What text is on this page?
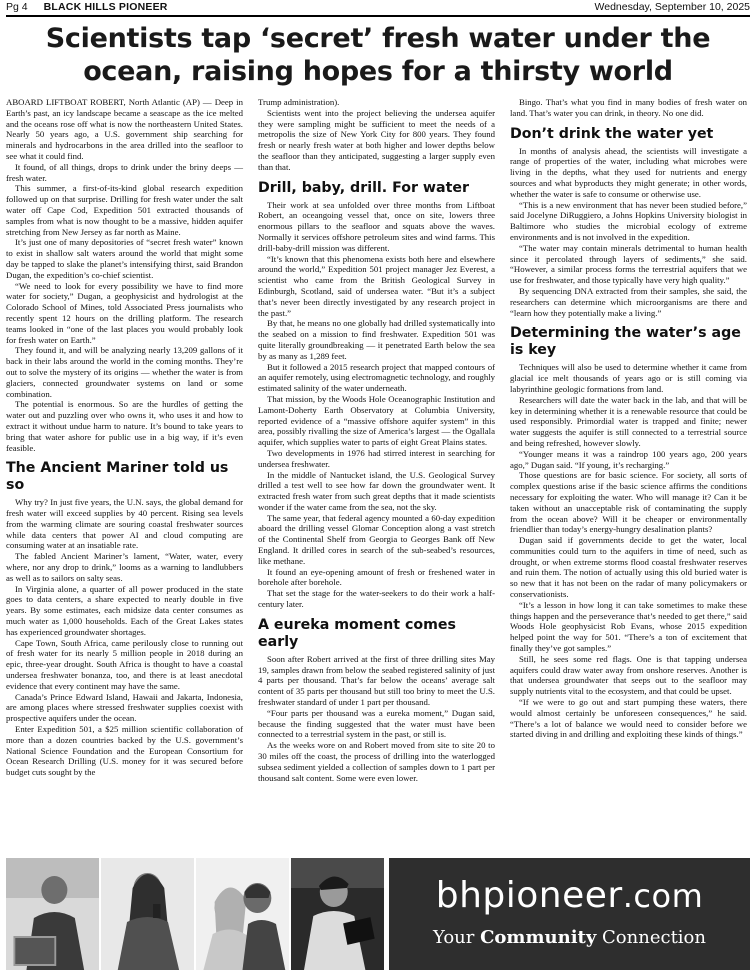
Pg 4 BLACK HILLS PIONEER	Wednesday, September 10, 2025
Scientists tap ‘secret’ fresh water under the ocean, raising hopes for a thirsty world

ABOARD LIFTBOAT ROBERT, North Atlantic (AP) — Deep in Earth’s past, an icy landscape became a seascape as the ice melted and the oceans rose off what is now the northeastern United States. Nearly 50 years ago, a U.S. government ship searching for minerals and hydrocarbons in the area drilled into the seafloor to see what it could find.

It found, of all things, drops to drink under the briny deeps — fresh water.

This summer, a first-of-its-kind global research expedition followed up on that surprise. Drilling for fresh water under the salt water off Cape Cod, Expedition 501 extracted thousands of samples from what is now thought to be a massive, hidden aquifer stretching from New Jersey as far north as Maine.

It’s just one of many depositories of “secret fresh water” known to exist in shallow salt waters around the world that might some day be tapped to slake the planet’s intensifying thirst, said Brandon Dugan, the expedition’s co-chief scientist.

“We need to look for every possibility we have to find more water for society,” Dugan, a geophysicist and hydrologist at the Colorado School of Mines, told Associated Press journalists who recently spent 12 hours on the drilling platform. The research teams looked in “one of the last places you would probably look for fresh water on Earth.”

They found it, and will be analyzing nearly 13,209 gallons of it back in their labs around the world in the coming months. They’re out to solve the mystery of its origins — whether the water is from glaciers, connected groundwater systems on land or some combination.

The potential is enormous. So are the hurdles of getting the water out and puzzling over who owns it, who uses it and how to extract it without undue harm to nature. It’s bound to take years to bring that water ashore for public use in a big way, if it’s even feasible.

The Ancient Mariner told us so

Why try? In just five years, the U.N. says, the global demand for fresh water will exceed supplies by 40 percent. Rising sea levels from the warming climate are souring coastal freshwater sources while data centers that power AI and cloud computing are consuming water at an insatiable rate.

The fabled Ancient Mariner’s lament, “Water, water, every where, nor any drop to drink,” looms as a warning to landlubbers as well as to sailors on salty seas.

In Virginia alone, a quarter of all power produced in the state goes to data centers, a share expected to nearly double in five years. By some estimates, each midsize data center consumes as much water as 1,000 households. Each of the Great Lakes states has experienced groundwater shortages.

Cape Town, South Africa, came perilously close to running out of fresh water for its nearly 5 million people in 2018 during an epic, three-year drought. South Africa is thought to have a coastal undersea freshwater bonanza, too, and there is at least anecdotal evidence that every continent may have the same.

Canada’s Prince Edward Island, Hawaii and Jakarta, Indonesia, are among places where stressed freshwater supplies coexist with prospective aquifers under the ocean.

Enter Expedition 501, a $25 million scientific collaboration of more than a dozen countries backed by the U.S. government’s National Science Foundation and the European Consortium for Ocean Research Drilling (U.S. money for it was secured before budget cuts sought by the

Trump administration).

Scientists went into the project believing the undersea aquifer they were sampling might be sufficient to meet the needs of a metropolis the size of New York City for 800 years. They found fresh or nearly fresh water at both higher and lower depths below the seafloor than they anticipated, suggesting a larger supply even than that.

Drill, baby, drill. For water

Their work at sea unfolded over three months from Liftboat Robert, an oceangoing vessel that, once on site, lowers three enormous pillars to the seafloor and squats above the waves. Normally it services offshore petroleum sites and wind farms. This drill-baby-drill mission was different.

“It’s known that this phenomena exists both here and elsewhere around the world,” Expedition 501 project manager Jez Everest, a scientist who came from the British Geological Survey in Edinburgh, Scotland, said of undersea water. “But it’s a subject that’s never been directly investigated by any research project in the past.”

By that, he means no one globally had drilled systematically into the seabed on a mission to find freshwater. Expedition 501 was quite literally groundbreaking — it penetrated Earth below the sea by as many as 1,289 feet.

But it followed a 2015 research project that mapped contours of an aquifer remotely, using electromagnetic technology, and roughly estimated salinity of the water underneath.

That mission, by the Woods Hole Oceanographic Institution and Lamont-Doherty Earth Observatory at Columbia University, reported evidence of a “massive offshore aquifer system” in this area, possibly rivalling the size of America’s largest — the Ogallala aquifer, which supplies water to parts of eight Great Plains states.

Two developments in 1976 had stirred interest in searching for undersea freshwater.

In the middle of Nantucket island, the U.S. Geological Survey drilled a test well to see how far down the groundwater went. It extracted fresh water from such great depths that it made scientists wonder if the water came from the sea, not the sky.

The same year, that federal agency mounted a 60-day expedition aboard the drilling vessel Glomar Conception along a vast stretch of the Continental Shelf from Georgia to Georges Bank off New England. It drilled cores in search of the sub-seabed’s resources, like methane.

It found an eye-opening amount of fresh or freshened water in borehole after borehole.

That set the stage for the water-seekers to do their work a half-century later.

A eureka moment comes early

Soon after Robert arrived at the first of three drilling sites May 19, samples drawn from below the seabed registered salinity of just 4 parts per thousand. That’s far below the oceans’ average salt content of 35 parts per thousand but still too briny to meet the U.S. freshwater standard of under 1 part per thousand.

“Four parts per thousand was a eureka moment,” Dugan said, because the finding suggested that the water must have been connected to a terrestrial system in the past, or still is.

As the weeks wore on and Robert moved from site to site 20 to 30 miles off the coast, the process of drilling into the waterlogged subsea sediment yielded a collection of samples down to 1 part per thousand salt content. Some were even lower.

Bingo. That’s what you find in many bodies of fresh water on land. That’s water you can drink, in theory. No one did.

Don’t drink the water yet

In months of analysis ahead, the scientists will investigate a range of properties of the water, including what microbes were living in the depths, what they used for nutrients and energy sources and what byproducts they might generate; in other words, whether the water is safe to consume or otherwise use.

“This is a new environment that has never been studied before,” said Jocelyne DiRuggiero, a Johns Hopkins University biologist in Baltimore who studies the microbial ecology of extreme environments and is not involved in the expedition.

“The water may contain minerals detrimental to human health since it percolated through layers of sediments,” she said. “However, a similar process forms the terrestrial aquifers that we use for freshwater, and those typically have very high quality.”

By sequencing DNA extracted from their samples, she said, the researchers can determine which microorganisms are there and “learn how they potentially make a living.”

Determining the water’s age is key

Techniques will also be used to determine whether it came from glacial ice melt thousands of years ago or is still coming via labyrinthine geologic formations from land.

Researchers will date the water back in the lab, and that will be key in determining whether it is a renewable resource that could be used responsibly. Primordial water is trapped and finite; newer water suggests the aquifer is still connected to a terrestrial source and being refreshed, however slowly.

“Younger means it was a raindrop 100 years ago, 200 years ago,” Dugan said. “If young, it’s recharging.”

Those questions are for basic science. For society, all sorts of complex questions arise if the basic science affirms the conditions necessary for exploiting the water. Who will manage it? Can it be taken without an unacceptable risk of contaminating the supply from the ocean above? Will it be cheaper or environmentally friendlier than today’s energy-hungry desalination plants?

Dugan said if governments decide to get the water, local communities could turn to the aquifers in time of need, such as drought, or when extreme storms flood coastal freshwater reserves and ruin them. The notion of actually using this old buried water is so new that it has not been on the radar of many policymakers or conservationists.

“It’s a lesson in how long it can take sometimes to make these things happen and the perseverance that’s needed to get there,” said Woods Hole geophysicist Rob Evans, whose 2015 expedition helped point the way for 501. “There’s a ton of excitement that finally they’ve got samples.”

Still, he sees some red flags. One is that tapping undersea aquifers could draw water away from onshore reserves. Another is that undersea groundwater that seeps out to the seafloor may supply nutrients vital to the ecosystem, and that could be upset.

“If we were to go out and start pumping these waters, there would almost certainly be unforeseen consequences,” he said. “There’s a lot of balance we would need to consider before we started diving in and drilling and exploiting these kinds of things.”

bhpioneer.com
Your Community Connection
